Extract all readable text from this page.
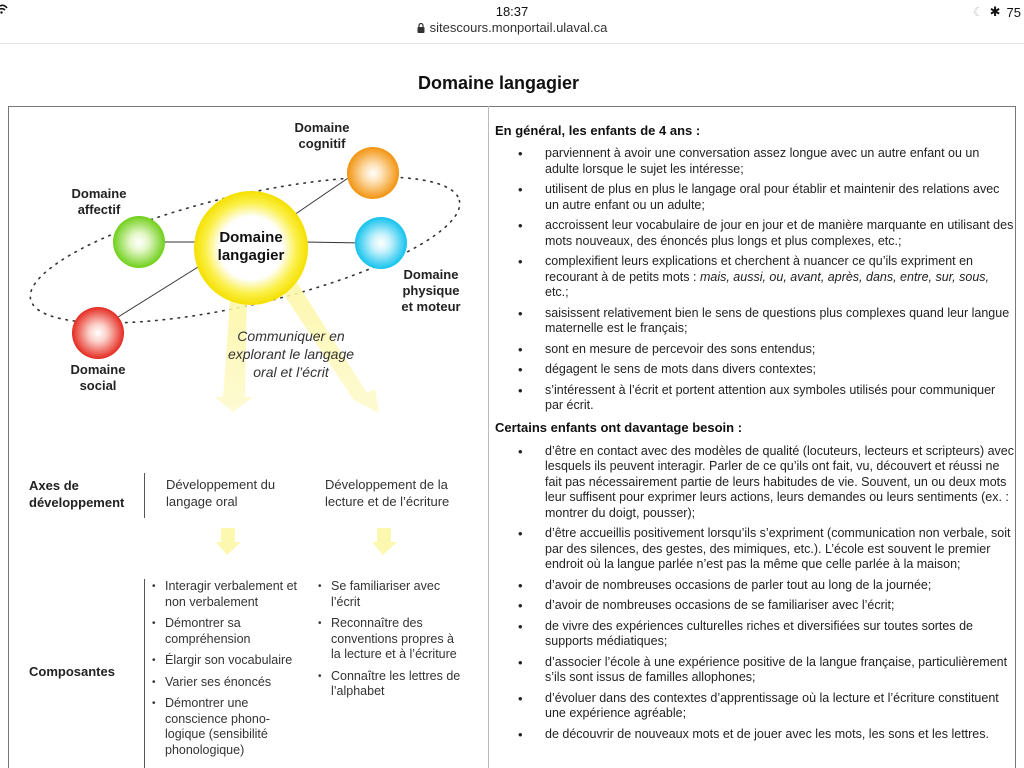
18:37	☾ ✱ 75
sitescours.monportail.ulaval.ca
Domaine langagier
Domaine
cognitif
Domaine
affectif
Domaine
physique
et moteur
Domaine
social
Domaine
langagier
Communiquer en
explorant le langage
oral et l’écrit
Axes de
développement
Développement du
langage oral
Développement de la
lecture et de l’écriture
Composantes
• Interagir verbalement et non verbalement
• Démontrer sa compréhension
• Élargir son vocabulaire
• Varier ses énoncés
• Démontrer une conscience phono-logique (sensibilité phonologique)
• Se familiariser avec l’écrit
• Reconnaître des conventions propres à la lecture et à l’écriture
• Connaître les lettres de l’alphabet
En général, les enfants de 4 ans :
• parviennent à avoir une conversation assez longue avec un autre enfant ou un adulte lorsque le sujet les intéresse;
• utilisent de plus en plus le langage oral pour établir et maintenir des relations avec un autre enfant ou un adulte;
• accroissent leur vocabulaire de jour en jour et de manière marquante en utilisant des mots nouveaux, des énoncés plus longs et plus complexes, etc.;
• complexifient leurs explications et cherchent à nuancer ce qu’ils expriment en recourant à de petits mots : mais, aussi, ou, avant, après, dans, entre, sur, sous, etc.;
• saisissent relativement bien le sens de questions plus complexes quand leur langue maternelle est le français;
• sont en mesure de percevoir des sons entendus;
• dégagent le sens de mots dans divers contextes;
• s’intéressent à l’écrit et portent attention aux symboles utilisés pour communiquer par écrit.
Certains enfants ont davantage besoin :
• d’être en contact avec des modèles de qualité (locuteurs, lecteurs et scripteurs) avec lesquels ils peuvent interagir. Parler de ce qu’ils ont fait, vu, découvert et réussi ne fait pas nécessairement partie de leurs habitudes de vie. Souvent, un ou deux mots leur suffisent pour exprimer leurs actions, leurs demandes ou leurs sentiments (ex. : montrer du doigt, pousser);
• d’être accueillis positivement lorsqu’ils s’expriment (communication non verbale, soit par des silences, des gestes, des mimiques, etc.). L’école est souvent le premier endroit où la langue parlée n’est pas la même que celle parlée à la maison;
• d’avoir de nombreuses occasions de parler tout au long de la journée;
• d’avoir de nombreuses occasions de se familiariser avec l’écrit;
• de vivre des expériences culturelles riches et diversifiées sur toutes sortes de supports médiatiques;
• d’associer l’école à une expérience positive de la langue française, particulièrement s’ils sont issus de familles allophones;
• d’évoluer dans des contextes d’apprentissage où la lecture et l’écriture constituent une expérience agréable;
• de découvrir de nouveaux mots et de jouer avec les mots, les sons et les lettres.
